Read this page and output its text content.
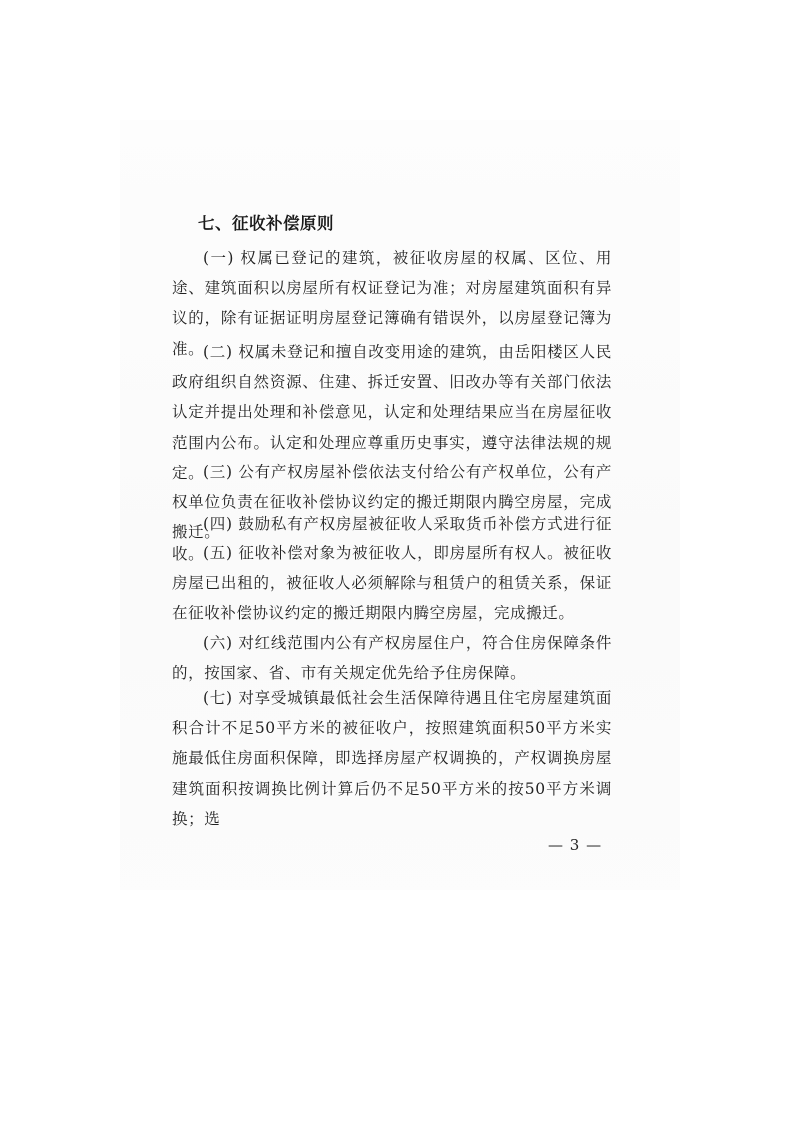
七、征收补偿原则

(一) 权属已登记的建筑，被征收房屋的权属、区位、用途、建筑面积以房屋所有权证登记为准；对房屋建筑面积有异议的，除有证据证明房屋登记簿确有错误外，以房屋登记簿为准。

(二) 权属未登记和擅自改变用途的建筑，由岳阳楼区人民政府组织自然资源、住建、拆迁安置、旧改办等有关部门依法认定并提出处理和补偿意见，认定和处理结果应当在房屋征收范围内公布。认定和处理应尊重历史事实，遵守法律法规的规定。

(三) 公有产权房屋补偿依法支付给公有产权单位，公有产权单位负责在征收补偿协议约定的搬迁期限内腾空房屋，完成搬迁。

(四) 鼓励私有产权房屋被征收人采取货币补偿方式进行征收。

(五) 征收补偿对象为被征收人，即房屋所有权人。被征收房屋已出租的，被征收人必须解除与租赁户的租赁关系，保证在征收补偿协议约定的搬迁期限内腾空房屋，完成搬迁。

(六) 对红线范围内公有产权房屋住户，符合住房保障条件的，按国家、省、市有关规定优先给予住房保障。

(七) 对享受城镇最低社会生活保障待遇且住宅房屋建筑面积合计不足50平方米的被征收户，按照建筑面积50平方米实施最低住房面积保障，即选择房屋产权调换的，产权调换房屋建筑面积按调换比例计算后仍不足50平方米的按50平方米调换；选

— 3 —
